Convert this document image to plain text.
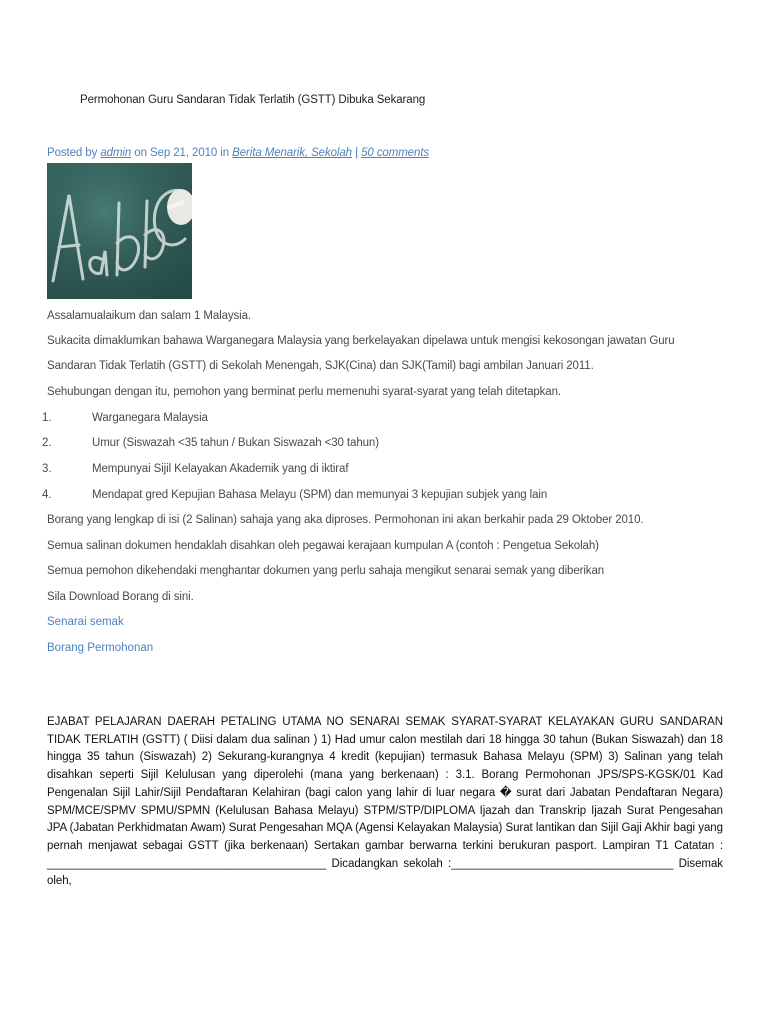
Permohonan Guru Sandaran Tidak Terlatih (GSTT) Dibuka Sekarang
Posted by admin on Sep 21, 2010 in Berita Menarik, Sekolah | 50 comments
Assalamualaikum dan salam 1 Malaysia.
Sukacita dimaklumkan bahawa Warganegara Malaysia yang berkelayakan dipelawa untuk mengisi kekosongan jawatan Guru
Sandaran Tidak Terlatih (GSTT) di Sekolah Menengah, SJK(Cina) dan SJK(Tamil) bagi ambilan Januari 2011.
Sehubungan dengan itu, pemohon yang berminat perlu memenuhi syarat-syarat yang telah ditetapkan.
1.	Warganegara Malaysia
2.	Umur (Siswazah <35 tahun / Bukan Siswazah <30 tahun)
3.	Mempunyai Sijil Kelayakan Akademik yang di iktiraf
4.	Mendapat gred Kepujian Bahasa Melayu (SPM) dan memunyai 3 kepujian subjek yang lain
Borang yang lengkap di isi (2 Salinan) sahaja yang aka diproses. Permohonan ini akan berkahir pada 29 Oktober 2010.
Semua salinan dokumen hendaklah disahkan oleh pegawai kerajaan kumpulan A (contoh : Pengetua Sekolah)
Semua pemohon dikehendaki menghantar dokumen yang perlu sahaja mengikut senarai semak yang diberikan
Sila Download Borang di sini.
Senarai semak
Borang Permohonan
EJABAT PELAJARAN DAERAH PETALING UTAMA NO SENARAI SEMAK SYARAT-SYARAT KELAYAKAN GURU SANDARAN TIDAK TERLATIH (GSTT) ( Diisi dalam dua salinan ) 1) Had umur calon mestilah dari 18 hingga 30 tahun (Bukan Siswazah) dan 18 hingga 35 tahun (Siswazah) 2) Sekurang-kurangnya 4 kredit (kepujian) termasuk Bahasa Melayu (SPM) 3) Salinan yang telah disahkan seperti Sijil Kelulusan yang diperolehi (mana yang berkenaan) : 3.1. Borang Permohonan JPS/SPS-KGSK/01 Kad Pengenalan Sijil Lahir/Sijil Pendaftaran Kelahiran (bagi calon yang lahir di luar negara � surat dari Jabatan Pendaftaran Negara) SPM/MCE/SPMV SPMU/SPMN (Kelulusan Bahasa Melayu) STPM/STP/DIPLOMA Ijazah dan Transkrip Ijazah Surat Pengesahan JPA (Jabatan Perkhidmatan Awam) Surat Pengesahan MQA (Agensi Kelayakan Malaysia) Surat lantikan dan Sijil Gaji Akhir bagi yang pernah menjawat sebagai GSTT (jika berkenaan) Sertakan gambar berwarna terkini berukuran pasport. Lampiran T1 Catatan : ____________________________________________ Dicadangkan sekolah :___________________________________ Disemak oleh,
